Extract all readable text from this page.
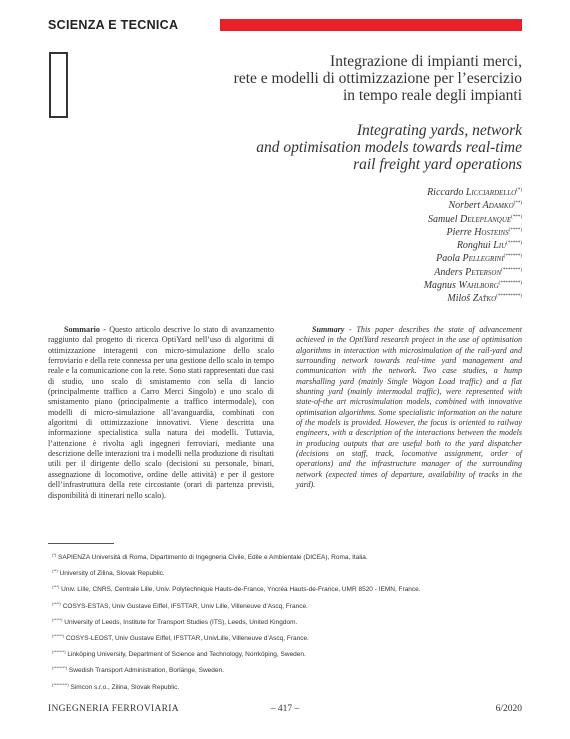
SCIENZA E TECNICA
Integrazione di impianti merci,
rete e modelli di ottimizzazione per l’esercizio
in tempo reale degli impianti
Integrating yards, network
and optimisation models towards real-time
rail freight yard operations
Riccardo Licciardello(*)
Norbert Adamko(**)
Samuel Deleplanque(***)
Pierre Hosteins(****)
Ronghui Liu(*****)
Paola Pellegrini(******)
Anders Peterson(*******)
Magnus Wahlborg(********)
Miloš Zaťko(*********)
Sommario - Questo articolo descrive lo stato di avanzamento raggiunto dal progetto di ricerca OptiYard nell’uso di algoritmi di ottimizzazione interagenti con micro-simulazione dello scalo ferroviario e della rete connessa per una gestione dello scalo in tempo reale e la comunicazione con la rete. Sono stati rappresentati due casi di studio, uno scalo di smistamento con sella di lancio (principalmente traffico a Carro Merci Singolo) e uno scalo di smistamento piano (principalmente a traffico intermodale), con modelli di micro-simulazione all’avanguardia, combinati con algoritmi di ottimizzazione innovativi. Viene descritta una informazione specialistica sulla natura dei modelli. Tuttavia, l’attenzione è rivolta agli ingegneri ferroviari, mediante una descrizione delle interazioni tra i modelli nella produzione di risultati utili per il dirigente dello scalo (decisioni su personale, binari, assegnazione di locomotive, ordine delle attività) e per il gestore dell’infrastruttura della rete circostante (orari di partenza previsti, disponibilità di itinerari nello scalo).
Summary - This paper describes the state of advancement achieved in the OptiYard research project in the use of optimisation algorithms in interaction with microsimulation of the rail-yard and surrounding network towards real-time yard management and communication with the network. Two case studies, a hump marshalling yard (mainly Single Wagon Load traffic) and a flat shunting yard (mainly intermodal traffic), were represented with state-of-the art microsimulation models, combined with innovative optimisation algorithms. Some specialistic information on the nature of the models is provided. However, the focus is oriented to railway engineers, with a description of the interactions between the models in producing outputs that are useful both to the yard dispatcher (decisions on staff, track, locomotive assignment, order of operations) and the infrastructure manager of the surrounding network (expected times of departure, availability of tracks in the yard).
(*) SAPIENZA Università di Roma, Dipartimento di Ingegneria Civile, Edile e Ambientale (DICEA), Roma, Italia.
(**) University of Zilina, Slovak Republic.
(***) Univ. Lille, CNRS, Centrale Lille, Univ. Polytechnique Hauts-de-France, Yncréa Hauts-de-France, UMR 8520 - IEMN, France.
(****) COSYS-ESTAS, Univ Gustave Eiffel, IFSTTAR, Univ Lille, Villeneuve d’Ascq, France.
(*****) University of Leeds, Institute for Transport Studies (ITS), Leeds, United Kingdom.
(******) COSYS-LEOST, Univ Gustave Eiffel, IFSTTAR, UnivLille, Villeneuve d’Ascq, France.
(*******) Linköping University, Department of Science and Technology, Norrköping, Sweden.
(********) Swedish Transport Administration, Borlänge, Sweden.
(*********) Simcon s.r.o., Zilina, Slovak Republic.
INGEGNERIA FERROVIARIA	– 417 –	6/2020
